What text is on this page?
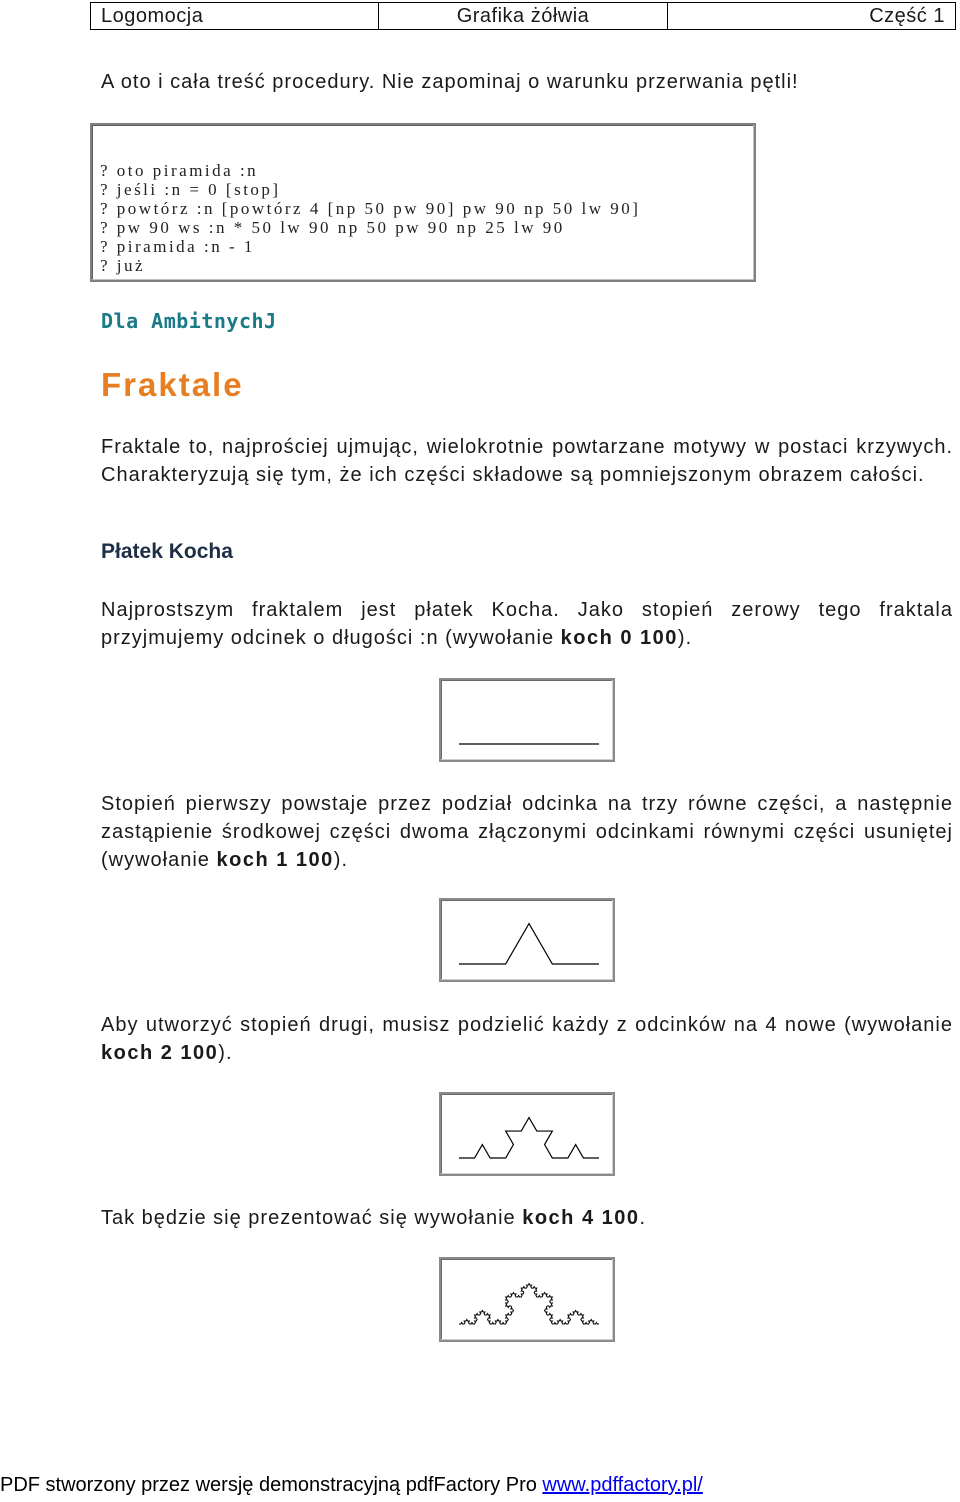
Logomocja	Grafika żółwia	Część 1

A oto i cała treść procedury. Nie zapominaj o warunku przerwania pętli!

? oto piramida :n
? jeśli :n = 0 [stop]
? powtórz :n [powtórz 4 [np 50 pw 90] pw 90 np 50 lw 90]
? pw 90 ws :n * 50 lw 90 np 50 pw 90 np 25 lw 90
? piramida :n - 1
? już
Dla AmbitnychJ
Fraktale

Fraktale to, najprościej ujmując, wielokrotnie powtarzane motywy w postaci krzywych. Charakteryzują się tym, że ich części składowe są pomniejszonym obrazem całości.

Płatek Kocha

Najprostszym fraktalem jest płatek Kocha. Jako stopień zerowy tego fraktala przyjmujemy odcinek o długości :n (wywołanie koch 0 100).

Stopień pierwszy powstaje przez podział odcinka na trzy równe części, a następnie zastąpienie środkowej części dwoma złączonymi odcinkami równymi części usuniętej (wywołanie koch 1 100).

Aby utworzyć stopień drugi, musisz podzielić każdy z odcinków na 4 nowe (wywołanie koch 2 100).

Tak będzie się prezentować się wywołanie koch 4 100.

PDF stworzony przez wersję demonstracyjną pdfFactory Pro www.pdffactory.pl/
